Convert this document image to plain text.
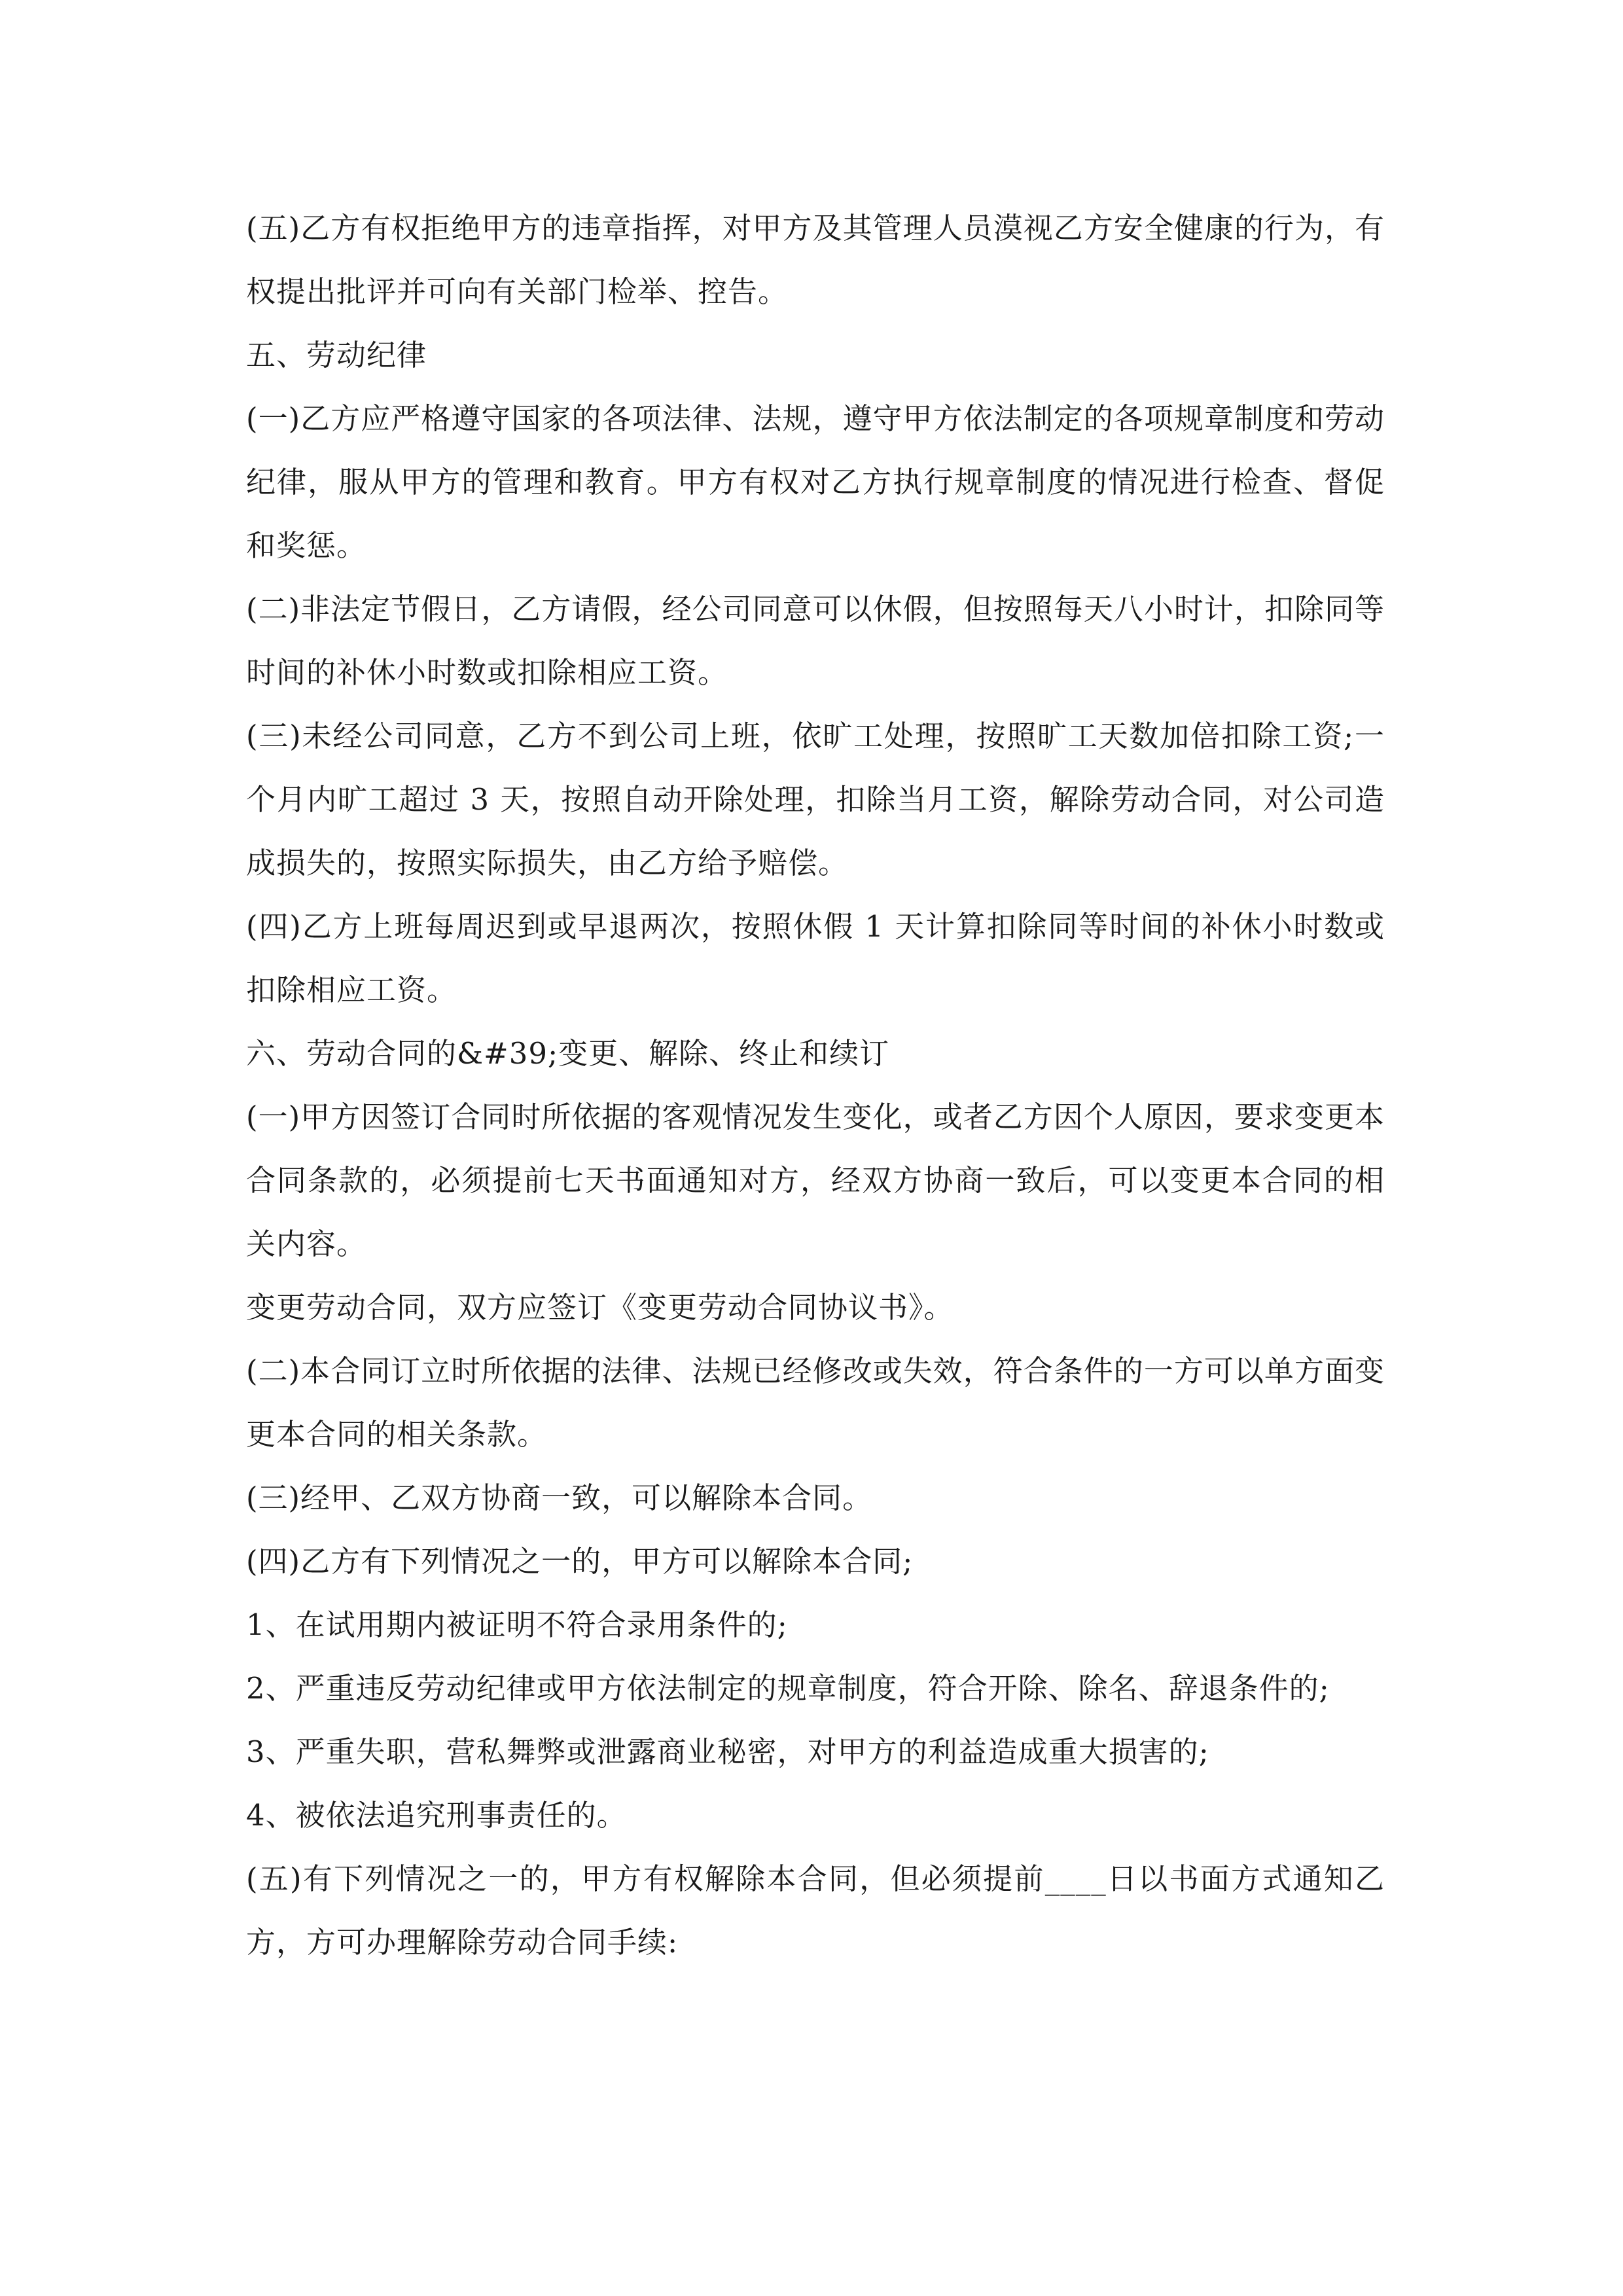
(五)乙方有权拒绝甲方的违章指挥，对甲方及其管理人员漠视乙方安全健康的行为，有权提出批评并可向有关部门检举、控告。

五、劳动纪律

(一)乙方应严格遵守国家的各项法律、法规，遵守甲方依法制定的各项规章制度和劳动纪律，服从甲方的管理和教育。甲方有权对乙方执行规章制度的情况进行检查、督促和奖惩。

(二)非法定节假日，乙方请假，经公司同意可以休假，但按照每天八小时计，扣除同等时间的补休小时数或扣除相应工资。

(三)未经公司同意，乙方不到公司上班，依旷工处理，按照旷工天数加倍扣除工资;一个月内旷工超过 3 天，按照自动开除处理，扣除当月工资，解除劳动合同，对公司造成损失的，按照实际损失，由乙方给予赔偿。

(四)乙方上班每周迟到或早退两次，按照休假 1 天计算扣除同等时间的补休小时数或扣除相应工资。

六、劳动合同的&#39;变更、解除、终止和续订

(一)甲方因签订合同时所依据的客观情况发生变化，或者乙方因个人原因，要求变更本合同条款的，必须提前七天书面通知对方，经双方协商一致后，可以变更本合同的相关内容。

变更劳动合同，双方应签订《变更劳动合同协议书》。

(二)本合同订立时所依据的法律、法规已经修改或失效，符合条件的一方可以单方面变更本合同的相关条款。

(三)经甲、乙双方协商一致，可以解除本合同。

(四)乙方有下列情况之一的，甲方可以解除本合同;

1、在试用期内被证明不符合录用条件的;

2、严重违反劳动纪律或甲方依法制定的规章制度，符合开除、除名、辞退条件的;

3、严重失职，营私舞弊或泄露商业秘密，对甲方的利益造成重大损害的;

4、被依法追究刑事责任的。

(五)有下列情况之一的，甲方有权解除本合同，但必须提前____日以书面方式通知乙方，方可办理解除劳动合同手续:
